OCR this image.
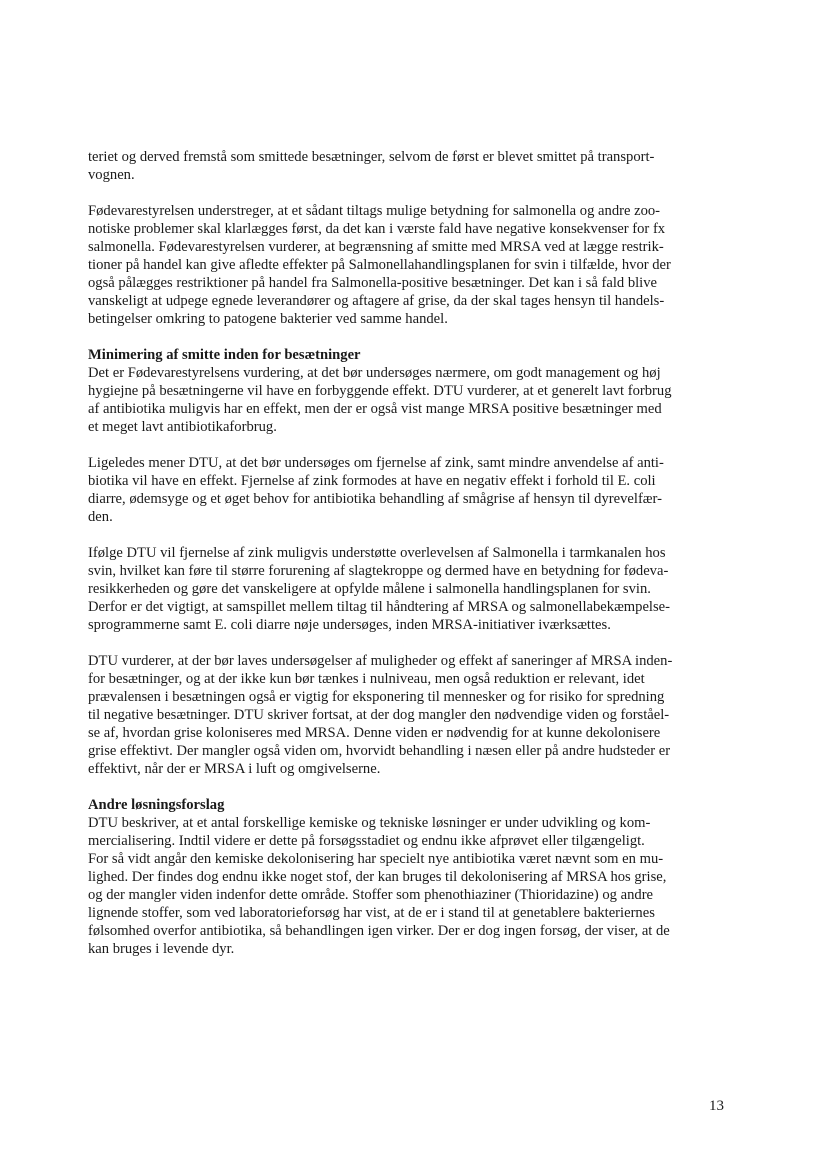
teriet og derved fremstå som smittede besætninger, selvom de først er blevet smittet på transport-
vognen.
Fødevarestyrelsen understreger, at et sådant tiltags mulige betydning for salmonella og andre zoo-
notiske problemer skal klarlægges først, da det kan i værste fald have negative konsekvenser for fx
salmonella. Fødevarestyrelsen vurderer, at begrænsning af smitte med MRSA ved at lægge restrik-
tioner på handel kan give afledte effekter på Salmonellahandlingsplanen for svin i tilfælde, hvor der
også pålægges restriktioner på handel fra Salmonella-positive besætninger. Det kan i så fald blive
vanskeligt at udpege egnede leverandører og aftagere af grise, da der skal tages hensyn til handels-
betingelser omkring to patogene bakterier ved samme handel.
Minimering af smitte inden for besætninger
Det er Fødevarestyrelsens vurdering, at det bør undersøges nærmere, om godt management og høj
hygiejne på besætningerne vil have en forbyggende effekt. DTU vurderer, at et generelt lavt forbrug
af antibiotika muligvis har en effekt, men der er også vist mange MRSA positive besætninger med
et meget lavt antibiotikaforbrug.
Ligeledes mener DTU, at det bør undersøges om fjernelse af zink, samt mindre anvendelse af anti-
biotika vil have en effekt. Fjernelse af zink formodes at have en negativ effekt i forhold til E. coli
diarre, ødemsyge og et øget behov for antibiotika behandling af smågrise af hensyn til dyrevelfær-
den.
Ifølge DTU vil fjernelse af zink muligvis understøtte overlevelsen af Salmonella i tarmkanalen hos
svin, hvilket kan føre til større forurening af slagtekroppe og dermed have en betydning for fødeva-
resikkerheden og gøre det vanskeligere at opfylde målene i salmonella handlingsplanen for svin.
Derfor er det vigtigt, at samspillet mellem tiltag til håndtering af MRSA og salmonellabekæmpelse-
sprogrammerne samt E. coli diarre nøje undersøges, inden MRSA-initiativer iværksættes.
DTU vurderer, at der bør laves undersøgelser af muligheder og effekt af saneringer af MRSA inden-
for besætninger, og at der ikke kun bør tænkes i nulniveau, men også reduktion er relevant, idet
prævalensen i besætningen også er vigtig for eksponering til mennesker og for risiko for spredning
til negative besætninger. DTU skriver fortsat, at der dog mangler den nødvendige viden og forståel-
se af, hvordan grise koloniseres med MRSA. Denne viden er nødvendig for at kunne dekolonisere
grise effektivt. Der mangler også viden om, hvorvidt behandling i næsen eller på andre hudsteder er
effektivt, når der er MRSA i luft og omgivelserne.
Andre løsningsforslag
DTU beskriver, at et antal forskellige kemiske og tekniske løsninger er under udvikling og kom-
mercialisering. Indtil videre er dette på forsøgsstadiet og endnu ikke afprøvet eller tilgængeligt.
For så vidt angår den kemiske dekolonisering har specielt nye antibiotika været nævnt som en mu-
lighed. Der findes dog endnu ikke noget stof, der kan bruges til dekolonisering af MRSA hos grise,
og der mangler viden indenfor dette område. Stoffer som phenothiaziner (Thioridazine) og andre
lignende stoffer, som ved laboratorieforsøg har vist, at de er i stand til at genetablere bakteriernes
følsomhed overfor antibiotika, så behandlingen igen virker. Der er dog ingen forsøg, der viser, at de
kan bruges i levende dyr.
13
